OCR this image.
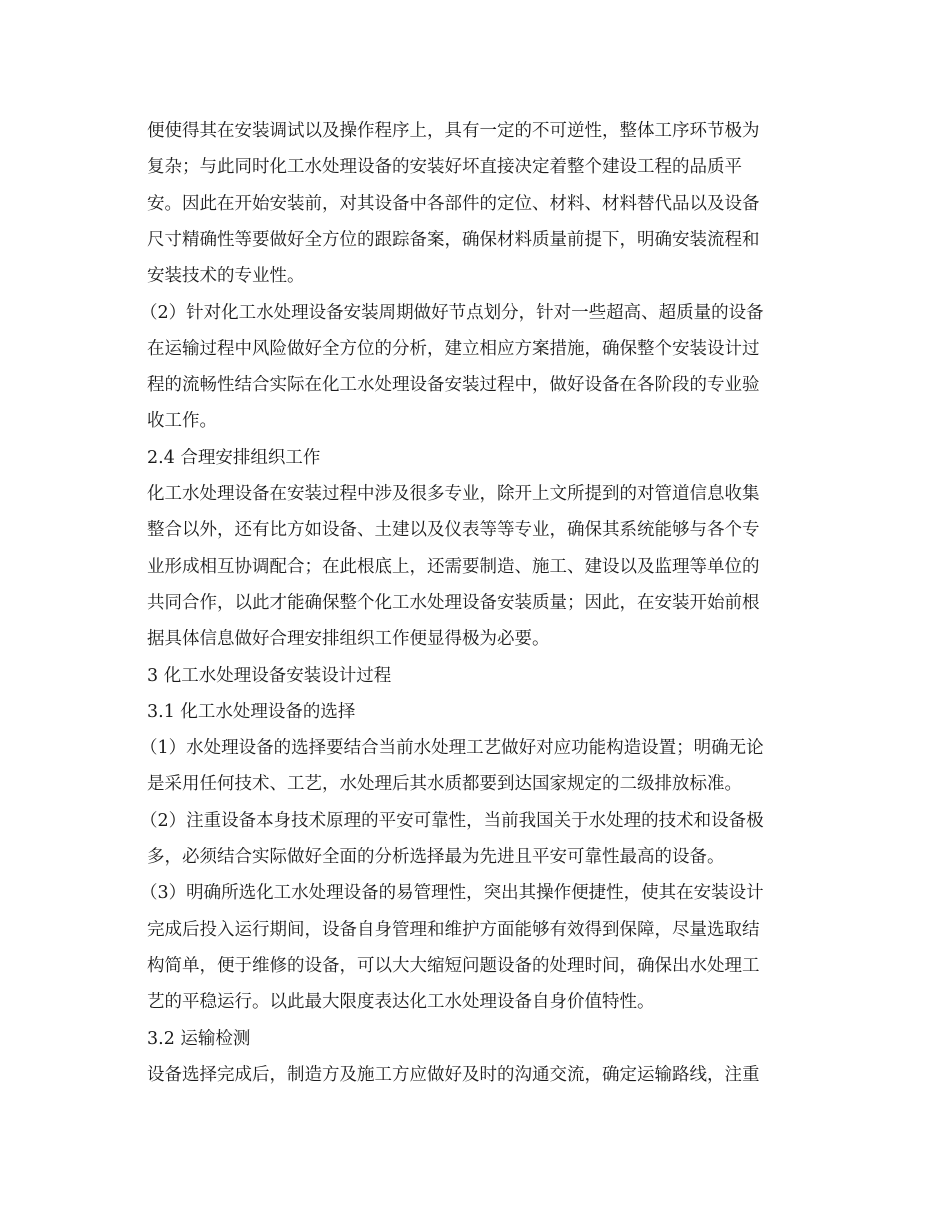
便使得其在安装调试以及操作程序上，具有一定的不可逆性，整体工序环节极为
复杂；与此同时化工水处理设备的安装好坏直接决定着整个建设工程的品质平
安。因此在开始安装前，对其设备中各部件的定位、材料、材料替代品以及设备
尺寸精确性等要做好全方位的跟踪备案，确保材料质量前提下，明确安装流程和
安装技术的专业性。
（2）针对化工水处理设备安装周期做好节点划分，针对一些超高、超质量的设备
在运输过程中风险做好全方位的分析，建立相应方案措施，确保整个安装设计过
程的流畅性结合实际在化工水处理设备安装过程中，做好设备在各阶段的专业验
收工作。
2.4 合理安排组织工作
化工水处理设备在安装过程中涉及很多专业，除开上文所提到的对管道信息收集
整合以外，还有比方如设备、土建以及仪表等等专业，确保其系统能够与各个专
业形成相互协调配合；在此根底上，还需要制造、施工、建设以及监理等单位的
共同合作，以此才能确保整个化工水处理设备安装质量；因此，在安装开始前根
据具体信息做好合理安排组织工作便显得极为必要。
3 化工水处理设备安装设计过程
3.1 化工水处理设备的选择
（1）水处理设备的选择要结合当前水处理工艺做好对应功能构造设置；明确无论
是采用任何技术、工艺，水处理后其水质都要到达国家规定的二级排放标准。
（2）注重设备本身技术原理的平安可靠性，当前我国关于水处理的技术和设备极
多，必须结合实际做好全面的分析选择最为先进且平安可靠性最高的设备。
（3）明确所选化工水处理设备的易管理性，突出其操作便捷性，使其在安装设计
完成后投入运行期间，设备自身管理和维护方面能够有效得到保障，尽量选取结
构简单，便于维修的设备，可以大大缩短问题设备的处理时间，确保出水处理工
艺的平稳运行。以此最大限度表达化工水处理设备自身价值特性。
3.2 运输检测
设备选择完成后，制造方及施工方应做好及时的沟通交流，确定运输路线，注重
